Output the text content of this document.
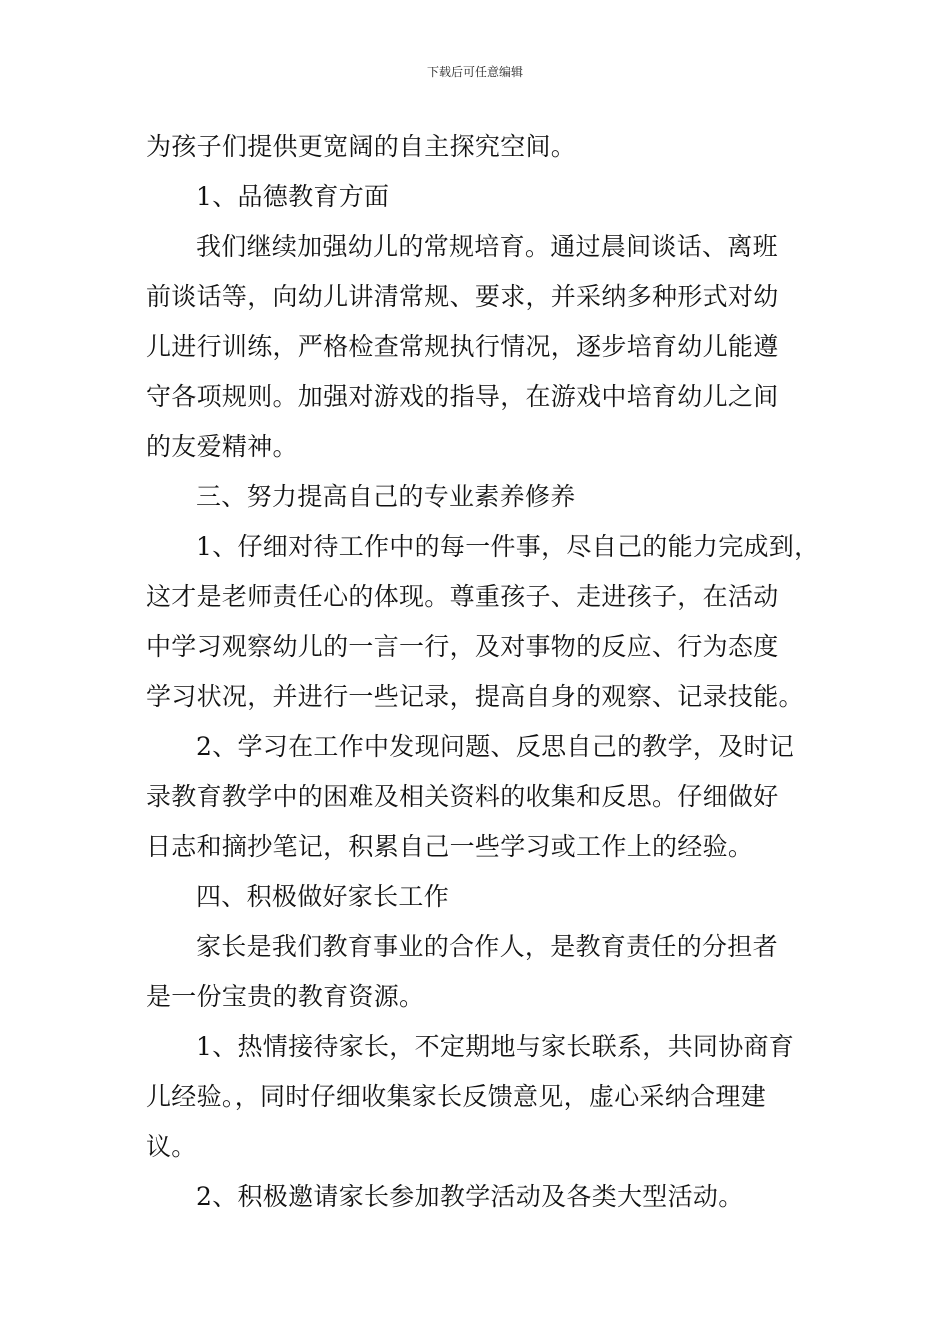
下载后可任意编辑
为孩子们提供更宽阔的自主探究空间。
1、品德教育方面
我们继续加强幼儿的常规培育。通过晨间谈话、离班
前谈话等，向幼儿讲清常规、要求，并采纳多种形式对幼
儿进行训练，严格检查常规执行情况，逐步培育幼儿能遵
守各项规则。加强对游戏的指导，在游戏中培育幼儿之间
的友爱精神。
三、努力提高自己的专业素养修养
1、仔细对待工作中的每一件事，尽自己的能力完成到，
这才是老师责任心的体现。尊重孩子、走进孩子，在活动
中学习观察幼儿的一言一行，及对事物的反应、行为态度
学习状况，并进行一些记录，提高自身的观察、记录技能。
2、学习在工作中发现问题、反思自己的教学，及时记
录教育教学中的困难及相关资料的收集和反思。仔细做好
日志和摘抄笔记，积累自己一些学习或工作上的经验。
四、积极做好家长工作
家长是我们教育事业的合作人，是教育责任的分担者
是一份宝贵的教育资源。
1、热情接待家长，不定期地与家长联系，共同协商育
儿经验。，同时仔细收集家长反馈意见，虚心采纳合理建
议。
2、积极邀请家长参加教学活动及各类大型活动。
